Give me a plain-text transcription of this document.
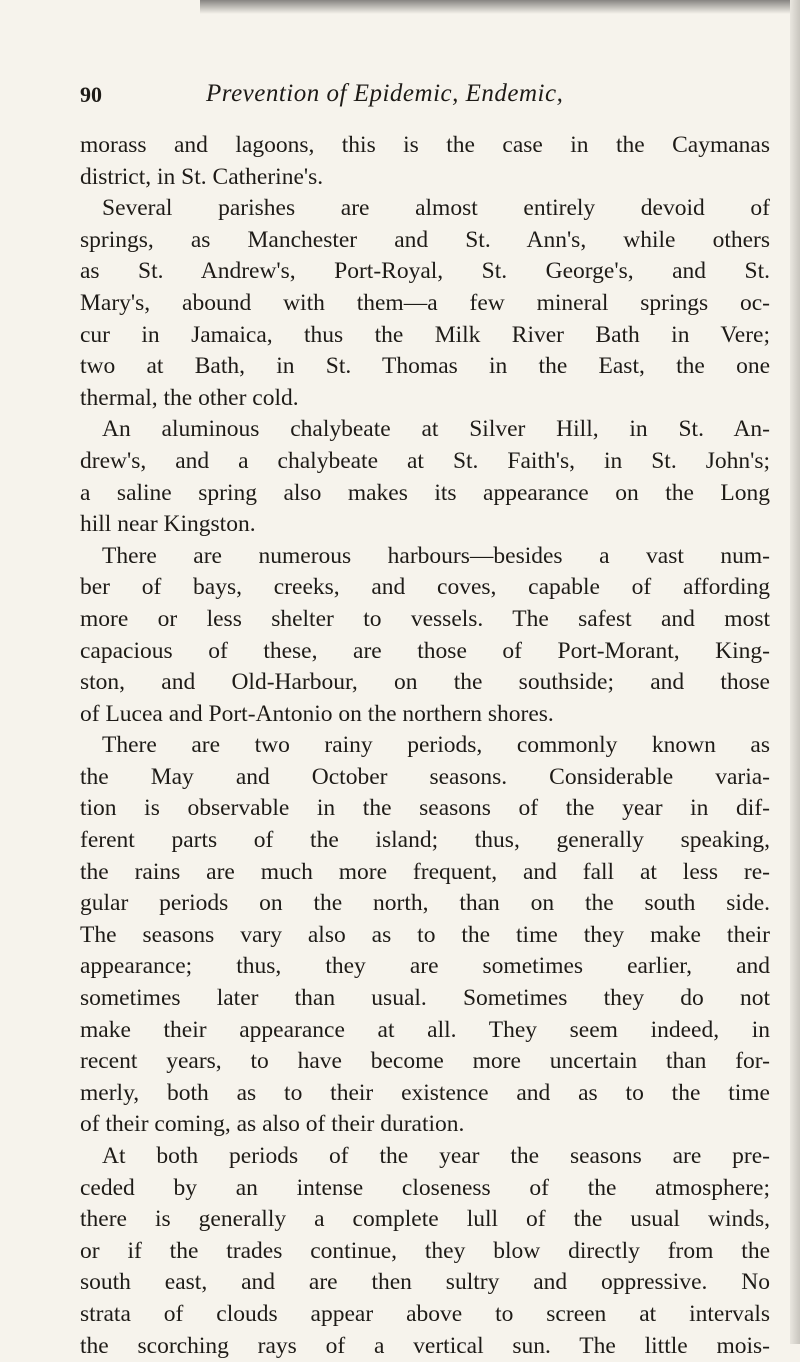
90	Prevention of Epidemic, Endemic,
morass and lagoons, this is the case in the Caymanas
district, in St. Catherine's.
Several parishes are almost entirely devoid of
springs, as Manchester and St. Ann's, while others
as St. Andrew's, Port-Royal, St. George's, and St.
Mary's, abound with them—a few mineral springs oc-
cur in Jamaica, thus the Milk River Bath in Vere;
two at Bath, in St. Thomas in the East, the one
thermal, the other cold.
An aluminous chalybeate at Silver Hill, in St. An-
drew's, and a chalybeate at St. Faith's, in St. John's;
a saline spring also makes its appearance on the Long
hill near Kingston.
There are numerous harbours—besides a vast num-
ber of bays, creeks, and coves, capable of affording
more or less shelter to vessels. The safest and most
capacious of these, are those of Port-Morant, King-
ston, and Old-Harbour, on the southside; and those
of Lucea and Port-Antonio on the northern shores.
There are two rainy periods, commonly known as
the May and October seasons. Considerable varia-
tion is observable in the seasons of the year in dif-
ferent parts of the island; thus, generally speaking,
the rains are much more frequent, and fall at less re-
gular periods on the north, than on the south side.
The seasons vary also as to the time they make their
appearance; thus, they are sometimes earlier, and
sometimes later than usual. Sometimes they do not
make their appearance at all. They seem indeed, in
recent years, to have become more uncertain than for-
merly, both as to their existence and as to the time
of their coming, as also of their duration.
At both periods of the year the seasons are pre-
ceded by an intense closeness of the atmosphere;
there is generally a complete lull of the usual winds,
or if the trades continue, they blow directly from the
south east, and are then sultry and oppressive. No
strata of clouds appear above to screen at intervals
the scorching rays of a vertical sun. The little mois-
